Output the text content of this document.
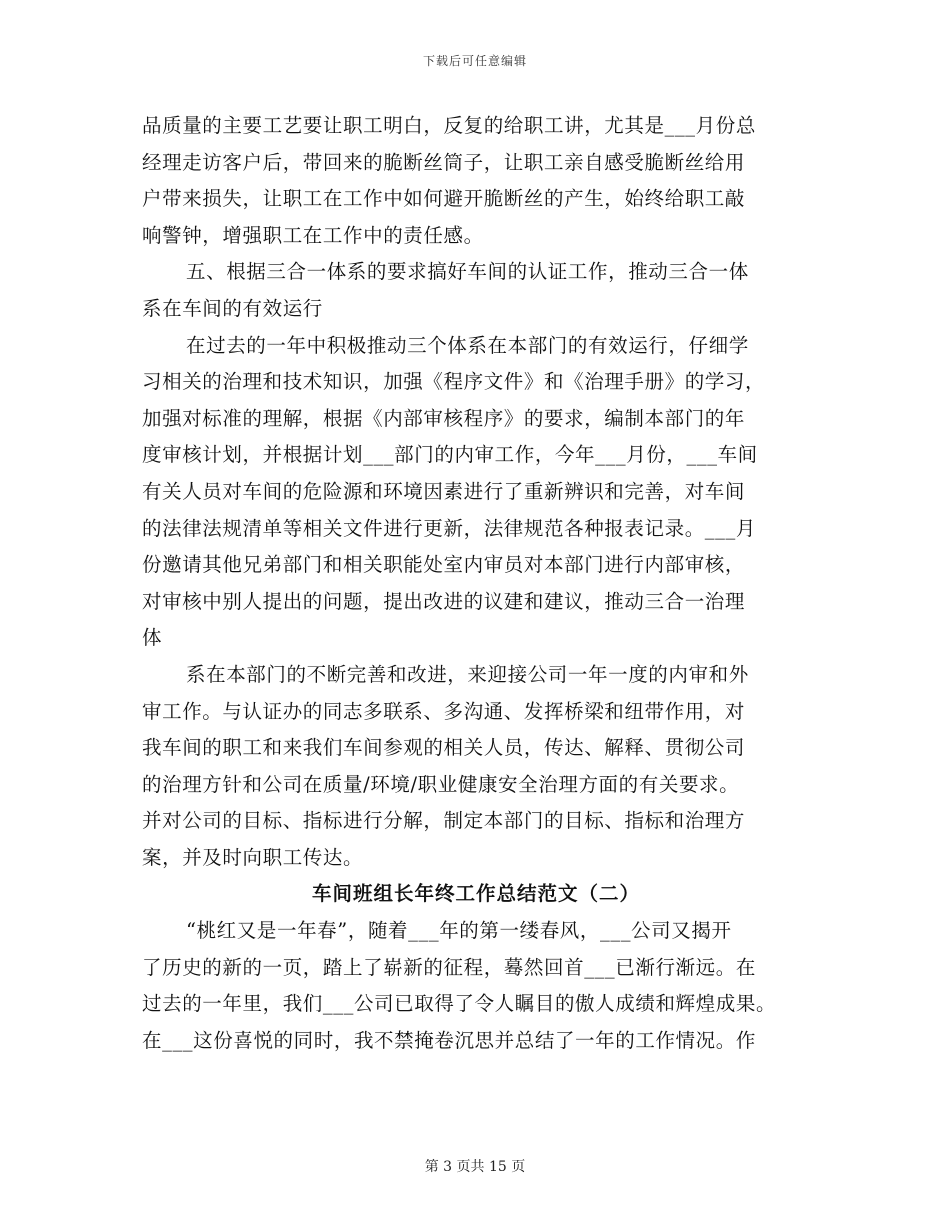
下载后可任意编辑
品质量的主要工艺要让职工明白，反复的给职工讲，尤其是___月份总
经理走访客户后，带回来的脆断丝筒子，让职工亲自感受脆断丝给用
户带来损失，让职工在工作中如何避开脆断丝的产生，始终给职工敲
响警钟，增强职工在工作中的责任感。
五、根据三合一体系的要求搞好车间的认证工作，推动三合一体
系在车间的有效运行
在过去的一年中积极推动三个体系在本部门的有效运行，仔细学
习相关的治理和技术知识，加强《程序文件》和《治理手册》的学习，
加强对标准的理解，根据《内部审核程序》的要求，编制本部门的年
度审核计划，并根据计划___部门的内审工作，今年___月份，___车间
有关人员对车间的危险源和环境因素进行了重新辨识和完善，对车间
的法律法规清单等相关文件进行更新，法律规范各种报表记录。___月
份邀请其他兄弟部门和相关职能处室内审员对本部门进行内部审核，
对审核中别人提出的问题，提出改进的议建和建议，推动三合一治理
体
系在本部门的不断完善和改进，来迎接公司一年一度的内审和外
审工作。与认证办的同志多联系、多沟通、发挥桥梁和纽带作用，对
我车间的职工和来我们车间参观的相关人员，传达、解释、贯彻公司
的治理方针和公司在质量/环境/职业健康安全治理方面的有关要求。
并对公司的目标、指标进行分解，制定本部门的目标、指标和治理方
案，并及时向职工传达。
车间班组长年终工作总结范文（二）
“桃红又是一年春”，随着___年的第一缕春风，___公司又揭开
了历史的新的一页，踏上了崭新的征程，蓦然回首___已渐行渐远。在
过去的一年里，我们___公司已取得了令人瞩目的傲人成绩和辉煌成果。
在___这份喜悦的同时，我不禁掩卷沉思并总结了一年的工作情况。作
第 3 页共 15 页
